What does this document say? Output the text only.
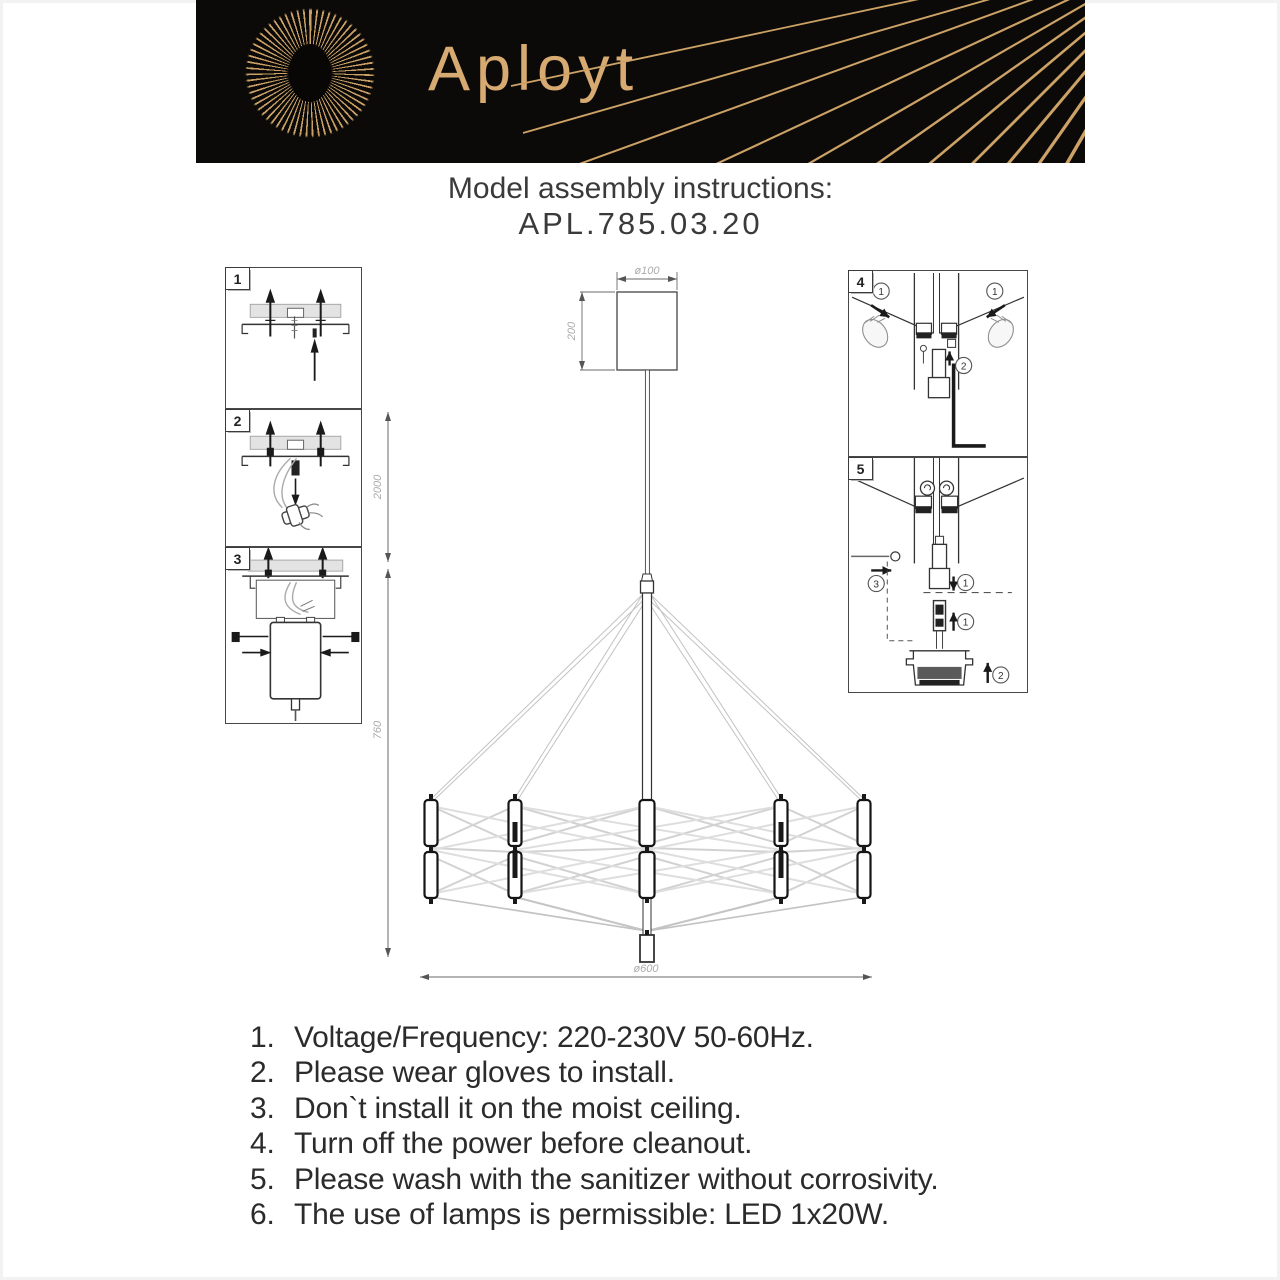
Aployt
Model assembly instructions:
APL.785.03.20
1
2
3
4
1	1
2
5
3	1
1
2
ø100
200
2000
760
ø600
1. Voltage/Frequency: 220-230V 50-60Hz.
2. Please wear gloves to install.
3. Don`t install it on the moist ceiling.
4. Turn off the power before cleanout.
5. Please wash with the sanitizer without corrosivity.
6. The use of lamps is permissible: LED 1x20W.
